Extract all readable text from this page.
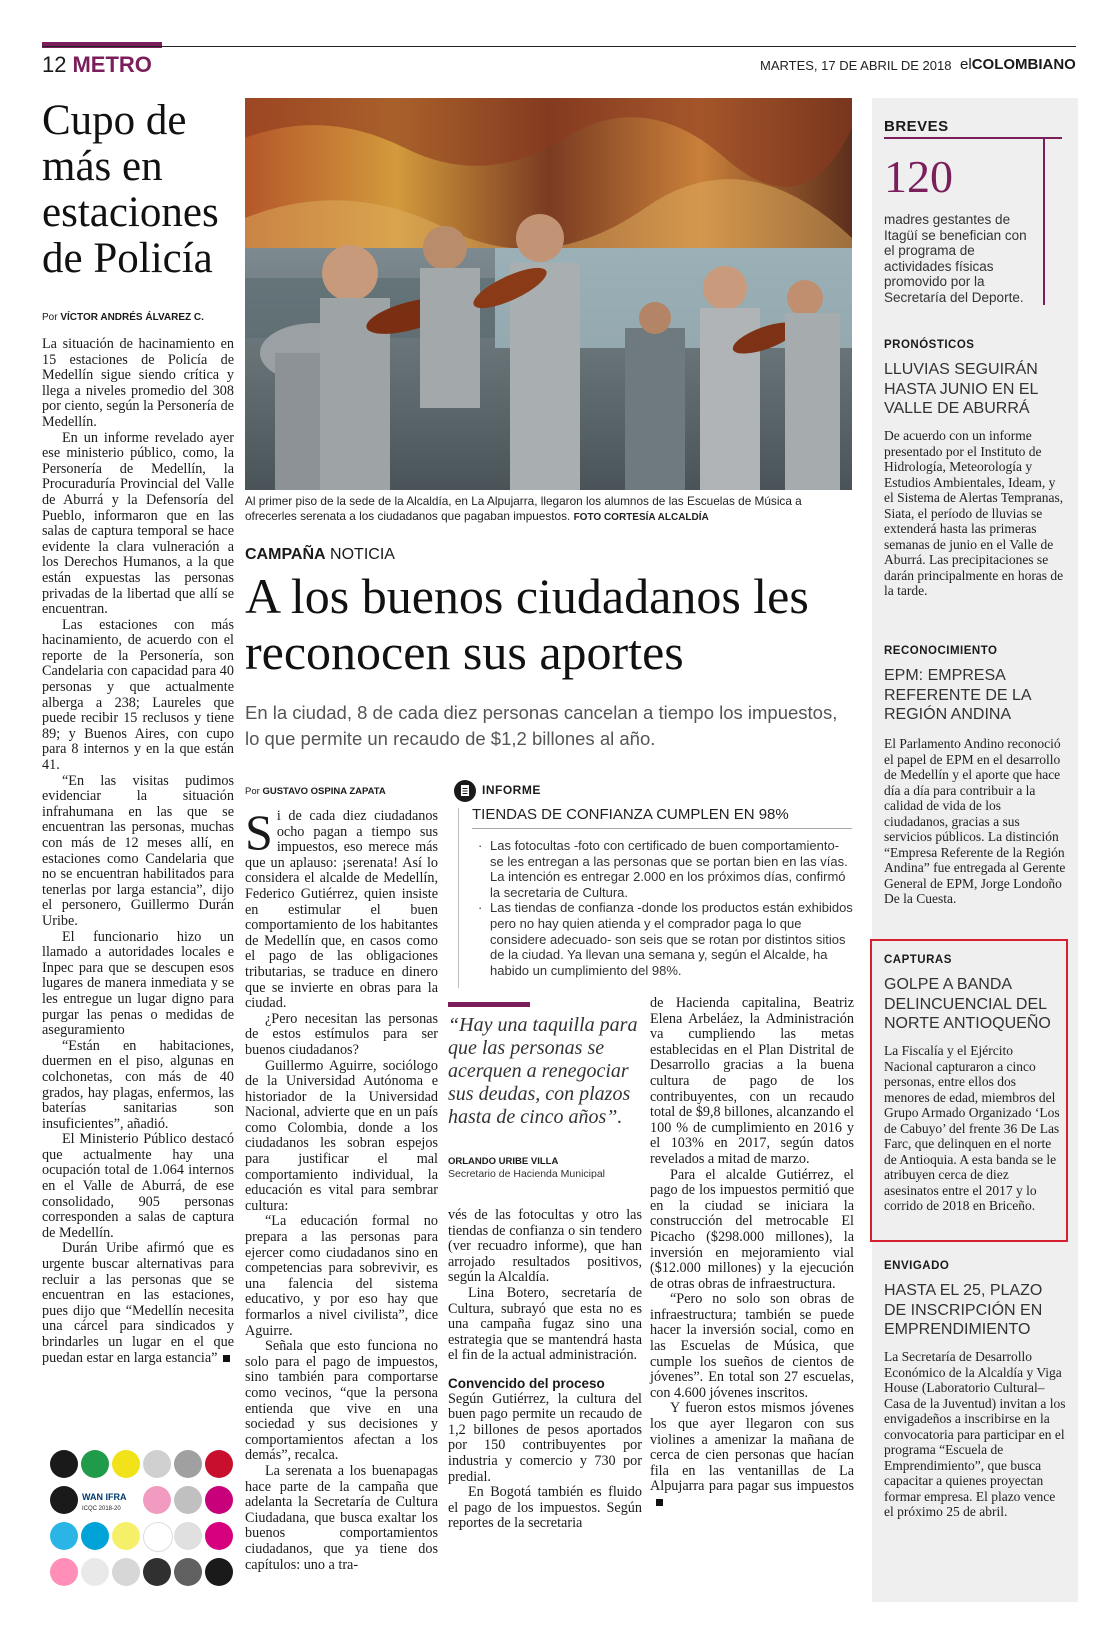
12 METRO	MARTES, 17 DE ABRIL DE 2018 elCOLOMBIANO
Cupo de más en estaciones de Policía
Por VÍCTOR ANDRÉS ÁLVAREZ C.

La situación de hacinamiento en 15 estaciones de Policía de Medellín sigue siendo crítica y llega a niveles promedio del 308 por ciento, según la Personería de Medellín.

En un informe revelado ayer ese ministerio público, como, la Personería de Medellín, la Procuraduría Provincial del Valle de Aburrá y la Defensoría del Pueblo, informaron que en las salas de captura temporal se hace evidente la clara vulneración a los Derechos Humanos, a la que están expuestas las personas privadas de la libertad que allí se encuentran.

Las estaciones con más hacinamiento, de acuerdo con el reporte de la Personería, son Candelaria con capacidad para 40 personas y que actualmente alberga a 238; Laureles que puede recibir 15 reclusos y tiene 89; y Buenos Aires, con cupo para 8 internos y en la que están 41.

“En las visitas pudimos evidenciar la situación infrahumana en las que se encuentran las personas, muchas con más de 12 meses allí, en estaciones como Candelaria que no se encuentran habilitados para tenerlas por larga estancia”, dijo el personero, Guillermo Durán Uribe.

El funcionario hizo un llamado a autoridades locales e Inpec para que se descupen esos lugares de manera inmediata y se les entregue un lugar digno para purgar las penas o medidas de aseguramiento

“Están en habitaciones, duermen en el piso, algunas en colchonetas, con más de 40 grados, hay plagas, enfermos, las baterías sanitarias son insuficientes”, añadió.

El Ministerio Público destacó que actualmente hay una ocupación total de 1.064 internos en el Valle de Aburrá, de ese consolidado, 905 personas corresponden a salas de captura de Medellín.

Durán Uribe afirmó que es urgente buscar alternativas para recluir a las personas que se encuentran en las estaciones, pues dijo que “Medellín necesita una cárcel para sindicados y brindarles un lugar en el que puedan estar en larga estancia”

WAN IFRA
ICQC 2018-20
Al primer piso de la sede de la Alcaldía, en La Alpujarra, llegaron los alumnos de las Escuelas de Música a ofrecerles serenata a los ciudadanos que pagaban impuestos. FOTO CORTESÍA ALCALDÍA
CAMPAÑA NOTICIA
A los buenos ciudadanos les reconocen sus aportes
En la ciudad, 8 de cada diez personas cancelan a tiempo los impuestos, lo que permite un recaudo de $1,2 billones al año.
Por GUSTAVO OSPINA ZAPATA

Si de cada diez ciudadanos ocho pagan a tiempo sus impuestos, eso merece más que un aplauso: ¡serenata! Así lo considera el alcalde de Medellín, Federico Gutiérrez, quien insiste en estimular el buen comportamiento de los habitantes de Medellín que, en casos como el pago de las obligaciones tributarias, se traduce en dinero que se invierte en obras para la ciudad.

¿Pero necesitan las personas de estos estímulos para ser buenos ciudadanos?

Guillermo Aguirre, sociólogo de la Universidad Autónoma e historiador de la Universidad Nacional, advierte que en un país como Colombia, donde a los ciudadanos les sobran espejos para justificar el mal comportamiento individual, la educación es vital para sembrar cultura:

“La educación formal no prepara a las personas para ejercer como ciudadanos sino en competencias para sobrevivir, es una falencia del sistema educativo, y por eso hay que formarlos a nivel civilista”, dice Aguirre.

Señala que esto funciona no solo para el pago de impuestos, sino también para comportarse como vecinos, “que la persona entienda que vive en una sociedad y sus decisiones y comportamientos afectan a los demás”, recalca.

La serenata a los buenapagas hace parte de la campaña que adelanta la Secretaría de Cultura Ciudadana, que busca exaltar los buenos comportamientos ciudadanos, que ya tiene dos capítulos: uno a tra-

INFORME
TIENDAS DE CONFIANZA CUMPLEN EN 98%
· Las fotocultas -foto con certificado de buen comportamiento- se les entregan a las personas que se portan bien en las vías. La intención es entregar 2.000 en los próximos días, confirmó la secretaria de Cultura.
· Las tiendas de confianza -donde los productos están exhibidos pero no hay quien atienda y el comprador paga lo que considere adecuado- son seis que se rotan por distintos sitios de la ciudad. Ya llevan una semana y, según el Alcalde, ha habido un cumplimiento del 98%.
“Hay una taquilla para que las personas se acerquen a renegociar sus deudas, con plazos hasta de cinco años”.
ORLANDO URIBE VILLA
Secretario de Hacienda Municipal

vés de las fotocultas y otro las tiendas de confianza o sin tendero (ver recuadro informe), que han arrojado resultados positivos, según la Alcaldía.

Lina Botero, secretaría de Cultura, subrayó que esta no es una campaña fugaz sino una estrategia que se mantendrá hasta el fin de la actual administración.

Convencido del proceso

Según Gutiérrez, la cultura del buen pago permite un recaudo de 1,2 billones de pesos aportados por 150 contribuyentes por industria y comercio y 730 por predial.

En Bogotá también es fluido el pago de los impuestos. Según reportes de la secretaria

de Hacienda capitalina, Beatriz Elena Arbeláez, la Administración va cumpliendo las metas establecidas en el Plan Distrital de Desarrollo gracias a la buena cultura de pago de los contribuyentes, con un recaudo total de $9,8 billones, alcanzando el 100 % de cumplimiento en 2016 y el 103% en 2017, según datos revelados a mitad de marzo.

Para el alcalde Gutiérrez, el pago de los impuestos permitió que en la ciudad se iniciara la construcción del metrocable El Picacho ($298.000 millones), la inversión en mejoramiento vial ($12.000 millones) y la ejecución de otras obras de infraestructura.

“Pero no solo son obras de infraestructura; también se puede hacer la inversión social, como en las Escuelas de Música, que cumple los sueños de cientos de jóvenes”. En total son 27 escuelas, con 4.600 jóvenes inscritos.

Y fueron estos mismos jóvenes los que ayer llegaron con sus violines a amenizar la mañana de cerca de cien personas que hacían fila en las ventanillas de La Alpujarra para pagar sus impuestos

BREVES
120
madres gestantes de Itagüí se benefician con el programa de actividades físicas promovido por la Secretaría del Deporte.
PRONÓSTICOS
LLUVIAS SEGUIRÁN HASTA JUNIO EN EL VALLE DE ABURRÁ
De acuerdo con un informe presentado por el Instituto de Hidrología, Meteorología y Estudios Ambientales, Ideam, y el Sistema de Alertas Tempranas, Siata, el período de lluvias se extenderá hasta las primeras semanas de junio en el Valle de Aburrá. Las precipitaciones se darán principalmente en horas de la tarde.
RECONOCIMIENTO
EPM: EMPRESA REFERENTE DE LA REGIÓN ANDINA
El Parlamento Andino reconoció el papel de EPM en el desarrollo de Medellín y el aporte que hace día a día para contribuir a la calidad de vida de los ciudadanos, gracias a sus servicios públicos. La distinción “Empresa Referente de la Región Andina” fue entregada al Gerente General de EPM, Jorge Londoño De la Cuesta.
CAPTURAS
GOLPE A BANDA DELINCUENCIAL DEL NORTE ANTIOQUEÑO
La Fiscalía y el Ejército Nacional capturaron a cinco personas, entre ellos dos menores de edad, miembros del Grupo Armado Organizado ‘Los de Cabuyo’ del frente 36 De Las Farc, que delinquen en el norte de Antioquia. A esta banda se le atribuyen cerca de diez asesinatos entre el 2017 y lo corrido de 2018 en Briceño.
ENVIGADO
HASTA EL 25, PLAZO DE INSCRIPCIÓN EN EMPRENDIMIENTO
La Secretaría de Desarrollo Económico de la Alcaldía y Viga House (Laboratorio Cultural–Casa de la Juventud) invitan a los envigadeños a inscribirse en la convocatoria para participar en el programa “Escuela de Emprendimiento”, que busca capacitar a quienes proyectan formar empresa. El plazo vence el próximo 25 de abril.
